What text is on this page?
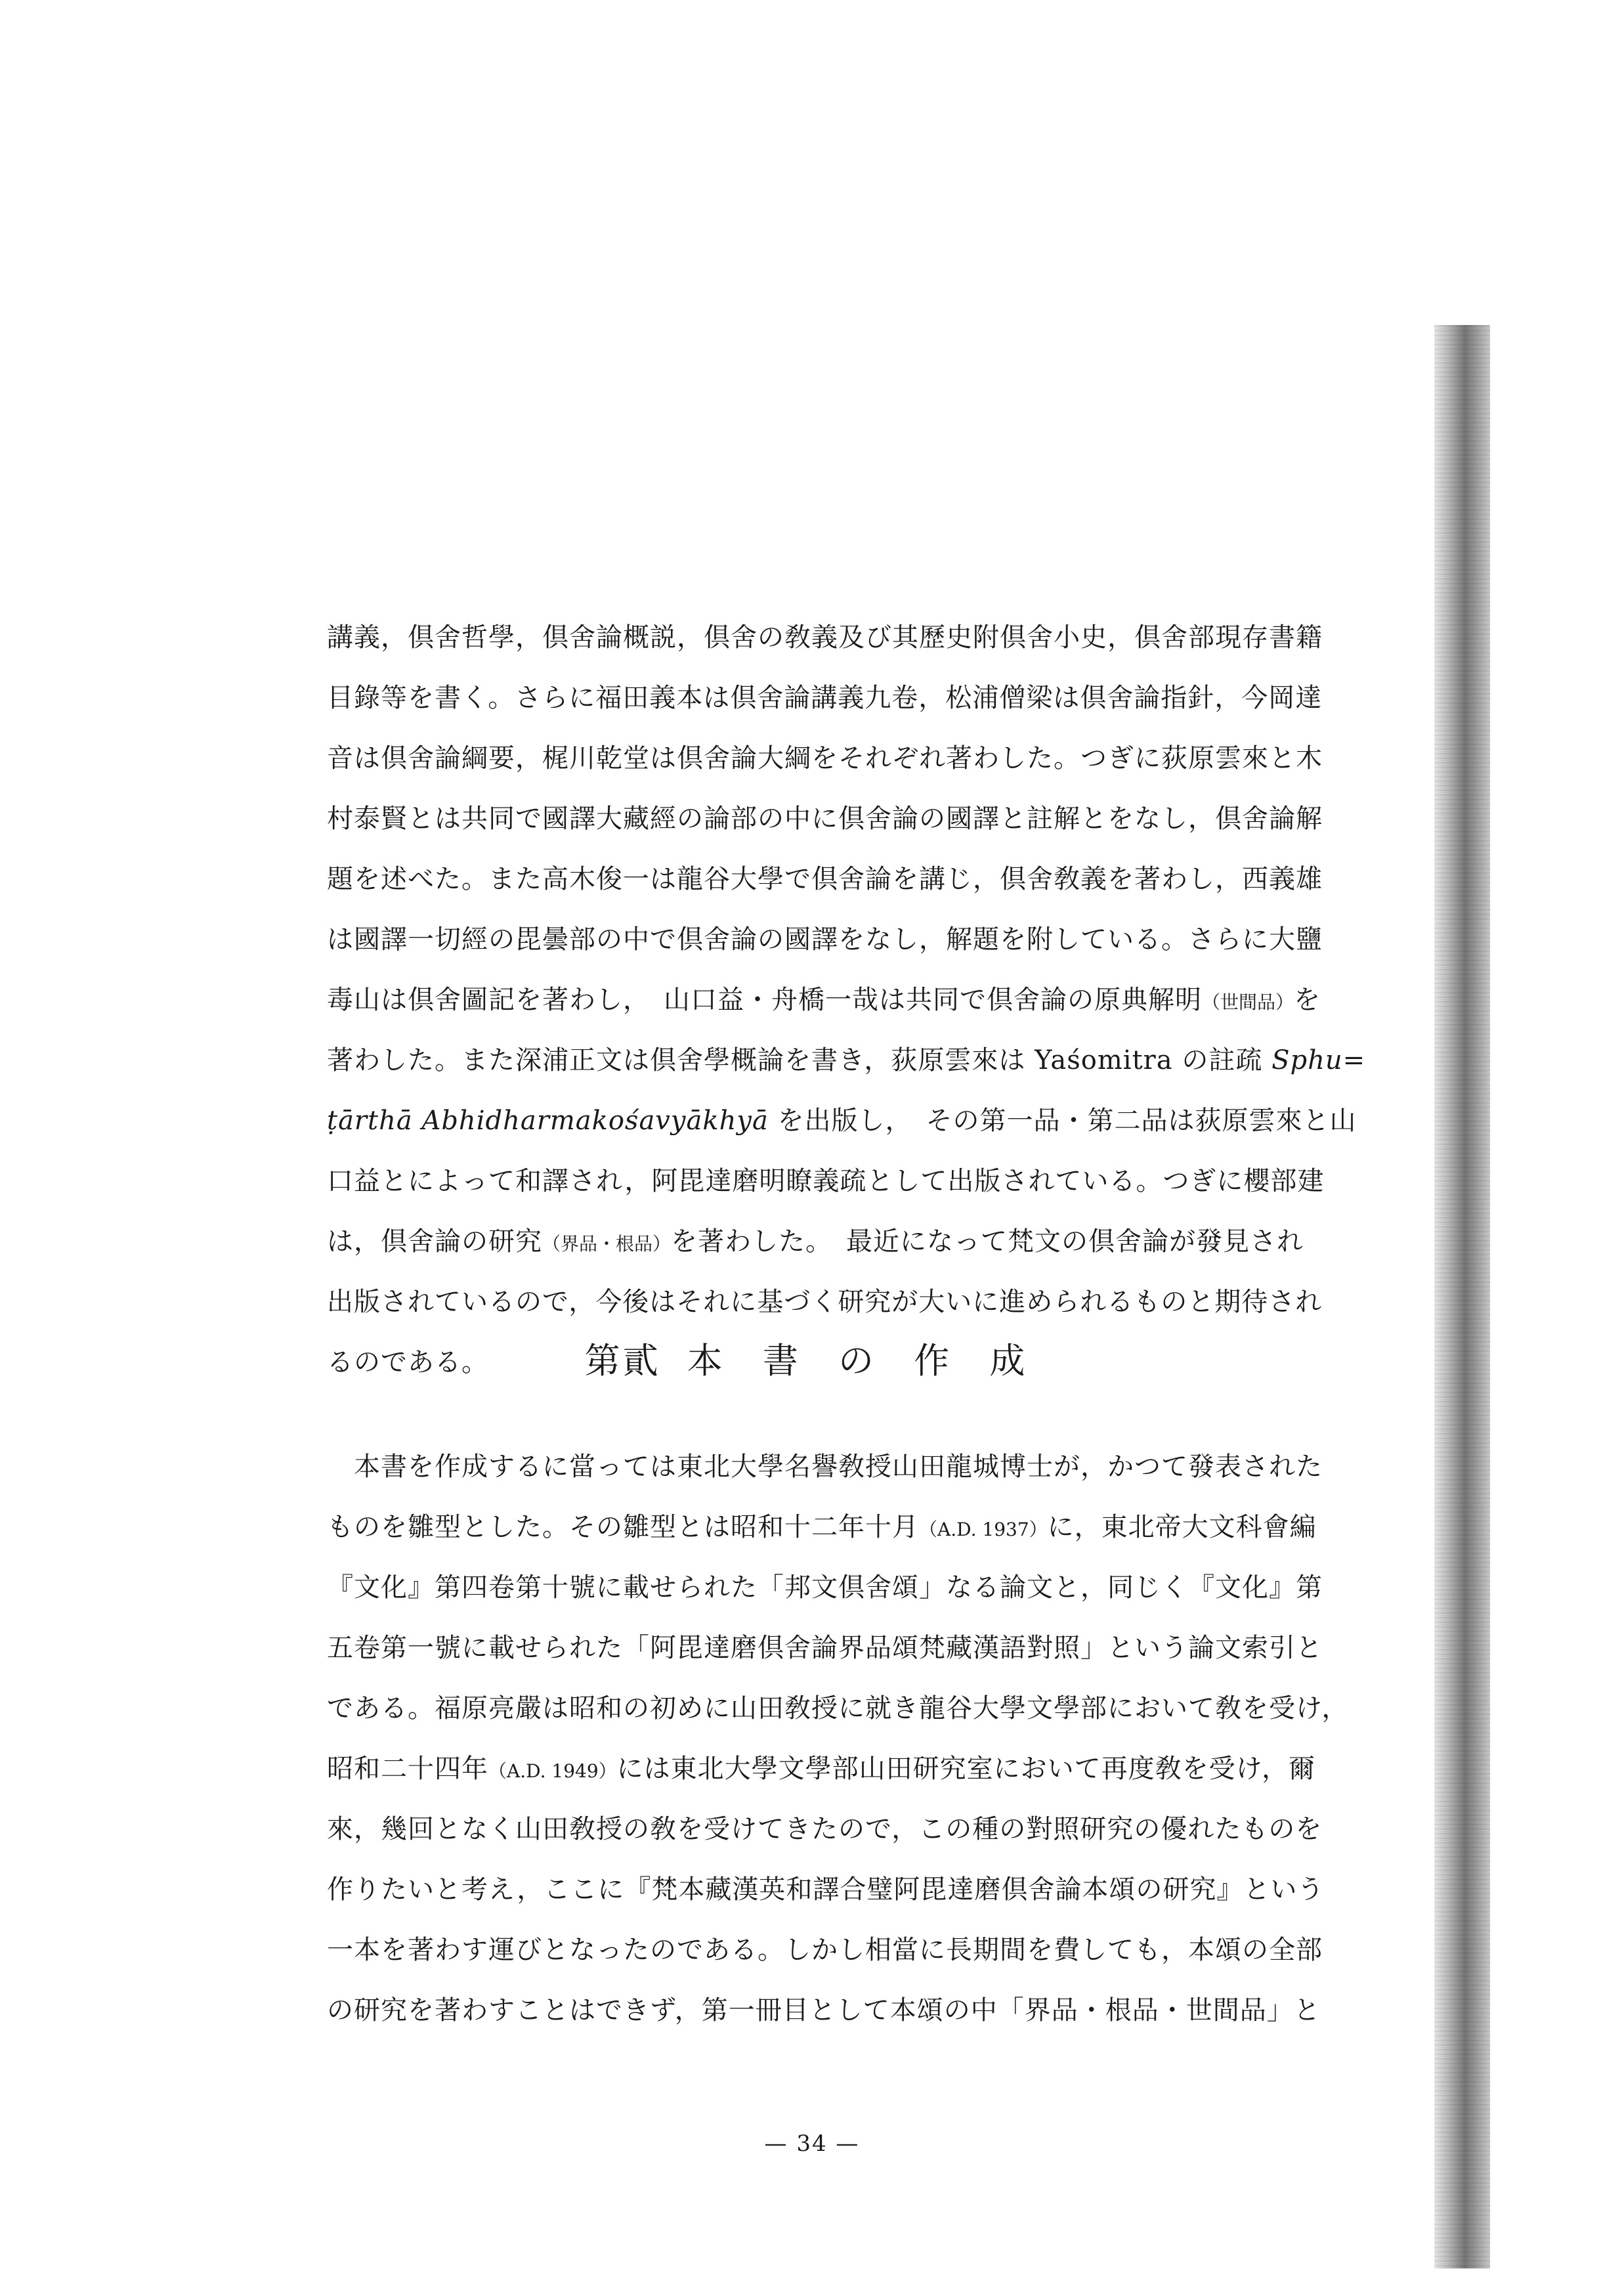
講義，倶舍哲學，倶舍論概説，倶舍の敎義及び其歷史附倶舍小史，倶舍部現存書籍
目錄等を書く。さらに福田義本は倶舍論講義九卷，松浦僧梁は倶舍論指針，今岡達
音は倶舍論綱要，梶川乾堂は倶舍論大綱をそれぞれ著わした。つぎに荻原雲來と木
村泰賢とは共同で國譯大藏經の論部の中に倶舍論の國譯と註解とをなし，倶舍論解
題を述べた。また高木俊一は龍谷大學で倶舍論を講じ，倶舍敎義を著わし，西義雄
は國譯一切經の毘曇部の中で倶舍論の國譯をなし，解題を附している。さらに大鹽
毒山は倶舍圖記を著わし，　山口益・舟橋一哉は共同で倶舍論の原典解明（世間品）を
著わした。また深浦正文は倶舍學概論を書き，荻原雲來は Yaśomitra の註疏 Sphu=
ṭārthā Abhidharmakośavyākhyā を出版し，　その第一品・第二品は荻原雲來と山
口益とによって和譯され，阿毘達磨明瞭義疏として出版されている。つぎに櫻部建
は，倶舍論の研究（界品・根品）を著わした。　最近になって梵文の倶舍論が發見され
出版されているので，今後はそれに基づく研究が大いに進められるものと期待され
るのである。	第貳 本 書 の 作 成
　本書を作成するに當っては東北大學名譽敎授山田龍城博士が，かつて發表された
ものを雛型とした。その雛型とは昭和十二年十月（A.D. 1937）に，東北帝大文科會編
『文化』第四卷第十號に載せられた「邦文倶舍頌」なる論文と，同じく『文化』第
五卷第一號に載せられた「阿毘達磨倶舍論界品頌梵藏漢語對照」という論文索引と
である。福原亮嚴は昭和の初めに山田敎授に就き龍谷大學文學部において敎を受け，
昭和二十四年（A.D. 1949）には東北大學文學部山田研究室において再度敎を受け，爾
來，幾回となく山田敎授の敎を受けてきたので，この種の對照研究の優れたものを
作りたいと考え，ここに『梵本藏漢英和譯合璧阿毘達磨倶舍論本頌の研究』という
一本を著わす運びとなったのである。しかし相當に長期間を費しても，本頌の全部
の研究を著わすことはできず，第一冊目として本頌の中「界品・根品・世間品」と
— 34 —
